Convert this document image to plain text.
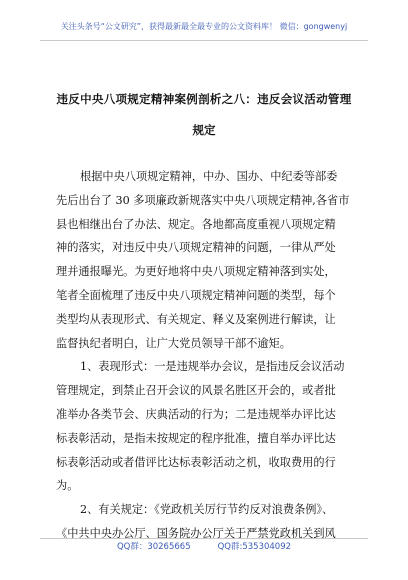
关注头条号“公文研究”，获得最新最全最专业的公文资料库！ 微信：gongwenyj
违反中央八项规定精神案例剖析之八：违反会议活动管理
规定
根据中央八项规定精神，中办、国办、中纪委等部委
先后出台了 30 多项廉政新规落实中央八项规定精神,各省市
县也相继出台了办法、规定。各地都高度重视八项规定精
神的落实，对违反中央八项规定精神的问题，一律从严处
理并通报曝光。为更好地将中央八项规定精神落到实处，
笔者全面梳理了违反中央八项规定精神问题的类型，每个
类型均从表现形式、有关规定、释义及案例进行解读，让
监督执纪者明白，让广大党员领导干部不逾矩。
1、表现形式：一是违规举办会议，是指违反会议活动
管理规定，到禁止召开会议的风景名胜区开会的，或者批
准举办各类节会、庆典活动的行为；二是违规举办评比达
标表彰活动，是指未按规定的程序批准，擅自举办评比达
标表彰活动或者借评比达标表彰活动之机，收取费用的行
为。
2、有关规定：《党政机关厉行节约反对浪费条例》、
《中共中央办公厅、国务院办公厅关于严禁党政机关到风
QQ群：30265665          QQ群:535304092
